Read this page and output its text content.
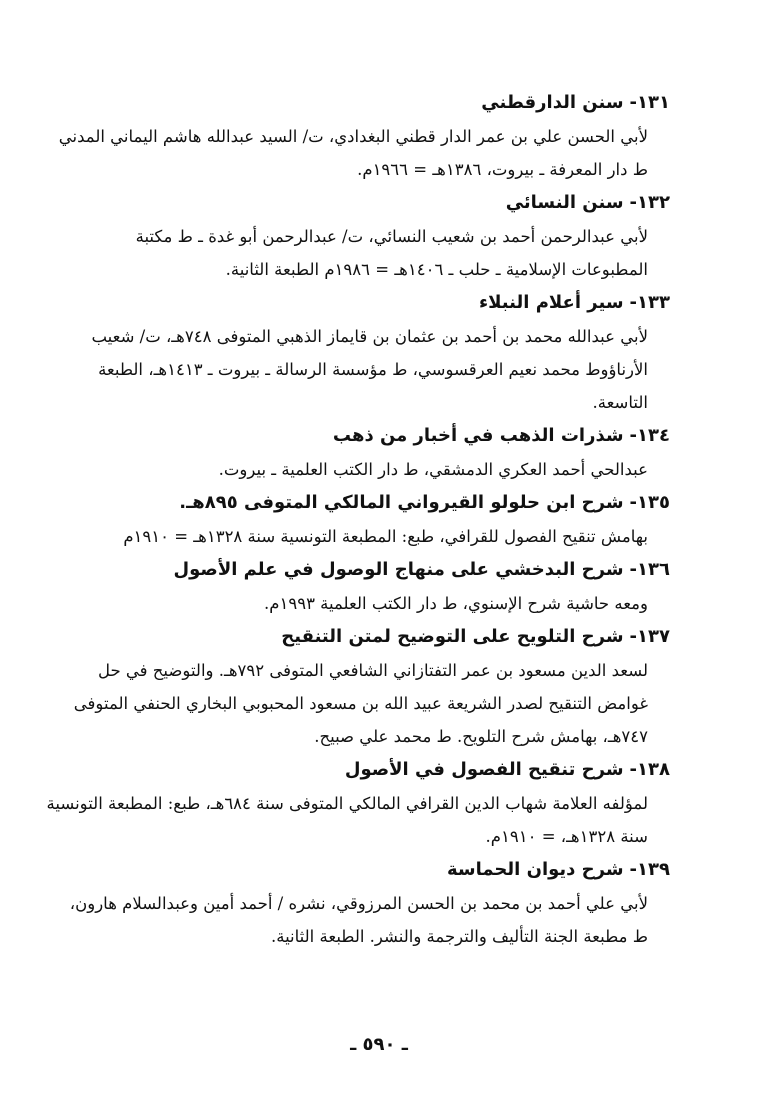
١٣١-سنن الدارقطني
لأبي الحسن علي بن عمر الدار قطني البغدادي، ت/ السيد عبدالله هاشم اليماني المدني
ط دار المعرفة ـ بيروت، ١٣٨٦هـ = ١٩٦٦م.
١٣٢-سنن النسائي
لأبي عبدالرحمن أحمد بن شعيب النسائي، ت/ عبدالرحمن أبو غدة ـ ط مكتبة
المطبوعات الإسلامية ـ حلب ـ ١٤٠٦هـ = ١٩٨٦م الطبعة الثانية.
١٣٣-سير أعلام النبلاء
لأبي عبدالله محمد بن أحمد بن عثمان بن قايماز الذهبي المتوفى ٧٤٨هـ، ت/ شعيب
الأرناؤوط محمد نعيم العرقسوسي، ط مؤسسة الرسالة ـ بيروت ـ ١٤١٣هـ، الطبعة
التاسعة.
١٣٤-شذرات الذهب في أخبار من ذهب
عبدالحي أحمد العكري الدمشقي، ط دار الكتب العلمية ـ بيروت.
١٣٥-شرح ابن حلولو القيرواني المالكي المتوفى ٨٩٥هـ.
بهامش تنقيح الفصول للقرافي، طبع: المطبعة التونسية سنة ١٣٢٨هـ = ١٩١٠م
١٣٦-شرح البدخشي على منهاج الوصول في علم الأصول
ومعه حاشية شرح الإسنوي، ط دار الكتب العلمية ١٩٩٣م.
١٣٧-شرح التلويح على التوضيح لمتن التنقيح
لسعد الدين مسعود بن عمر التفتازاني الشافعي المتوفى ٧٩٢هـ. والتوضيح في حل
غوامض التنقيح لصدر الشريعة عبيد الله بن مسعود المحبوبي البخاري الحنفي المتوفى
٧٤٧هـ، بهامش شرح التلويح. ط محمد علي صبيح.
١٣٨-شرح تنقيح الفصول في الأصول
لمؤلفه العلامة شهاب الدين القرافي المالكي المتوفى سنة ٦٨٤هـ، طبع: المطبعة التونسية
سنة ١٣٢٨هـ، = ١٩١٠م.
١٣٩-شرح ديوان الحماسة
لأبي علي أحمد بن محمد بن الحسن المرزوقي، نشره / أحمد أمين وعبدالسلام هارون،
ط مطبعة الجنة التأليف والترجمة والنشر. الطبعة الثانية.
ـ ٥٩٠ ـ
